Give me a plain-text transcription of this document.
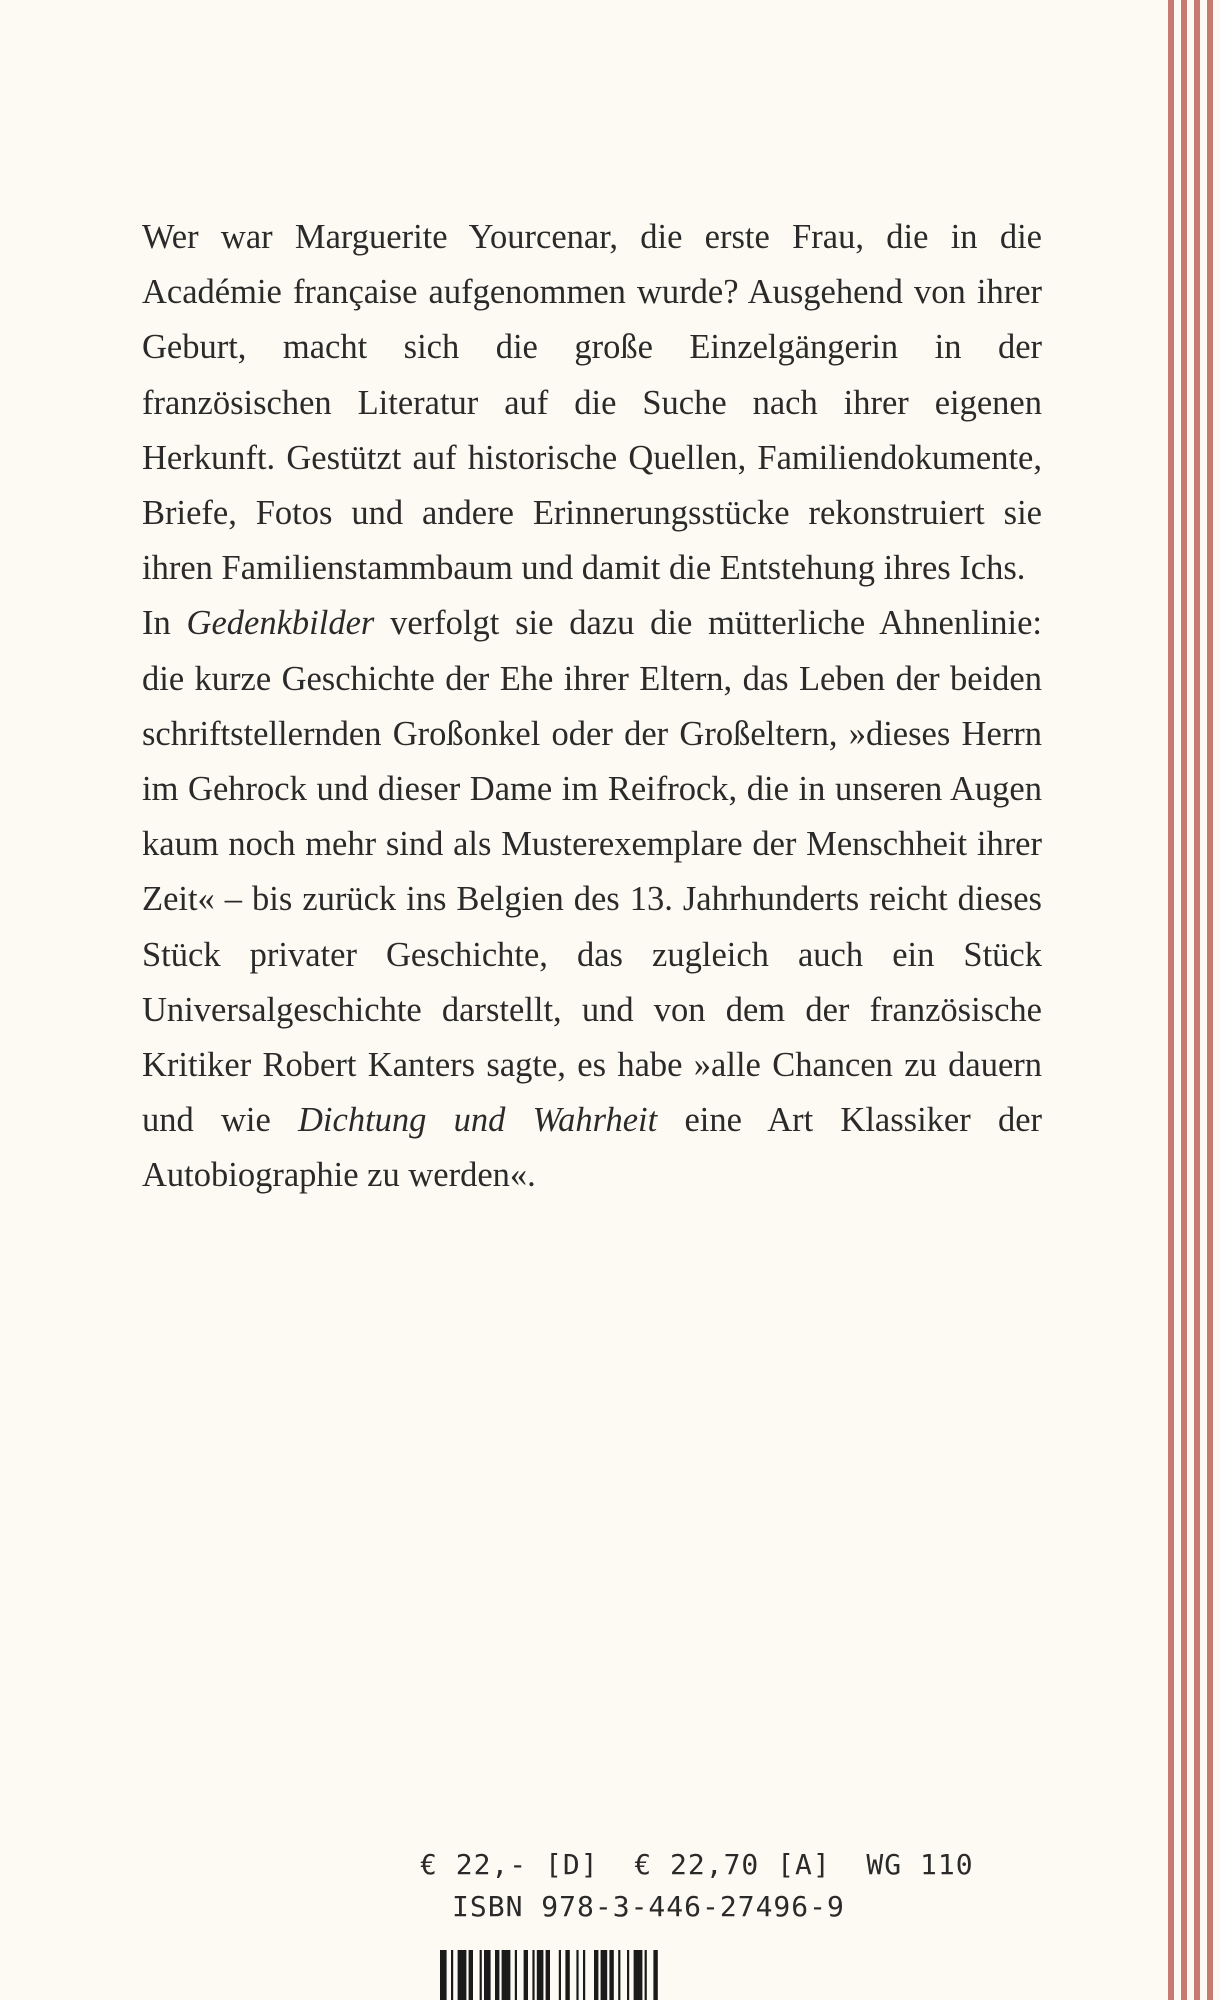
Wer war Marguerite Yourcenar, die erste Frau, die in die Académie française aufgenommen wurde? Ausgehend von ihrer Geburt, macht sich die große Einzelgängerin in der französischen Literatur auf die Suche nach ihrer eigenen Herkunft. Gestützt auf historische Quellen, Familiendokumente, Briefe, Fotos und andere Erinnerungsstücke rekonstruiert sie ihren Familienstammbaum und damit die Entstehung ihres Ichs.

In Gedenkbilder verfolgt sie dazu die mütterliche Ahnenlinie: die kurze Geschichte der Ehe ihrer Eltern, das Leben der beiden schriftstellernden Großonkel oder der Großeltern, »dieses Herrn im Gehrock und dieser Dame im Reifrock, die in unseren Augen kaum noch mehr sind als Musterexemplare der Menschheit ihrer Zeit« – bis zurück ins Belgien des 13. Jahrhunderts reicht dieses Stück privater Geschichte, das zugleich auch ein Stück Universalgeschichte darstellt, und von dem der französische Kritiker Robert Kanters sagte, es habe »alle Chancen zu dauern und wie Dichtung und Wahrheit eine Art Klassiker der Autobiographie zu werden«.

€ 22,- [D]  € 22,70 [A]  WG 110
ISBN 978-3-446-27496-9
